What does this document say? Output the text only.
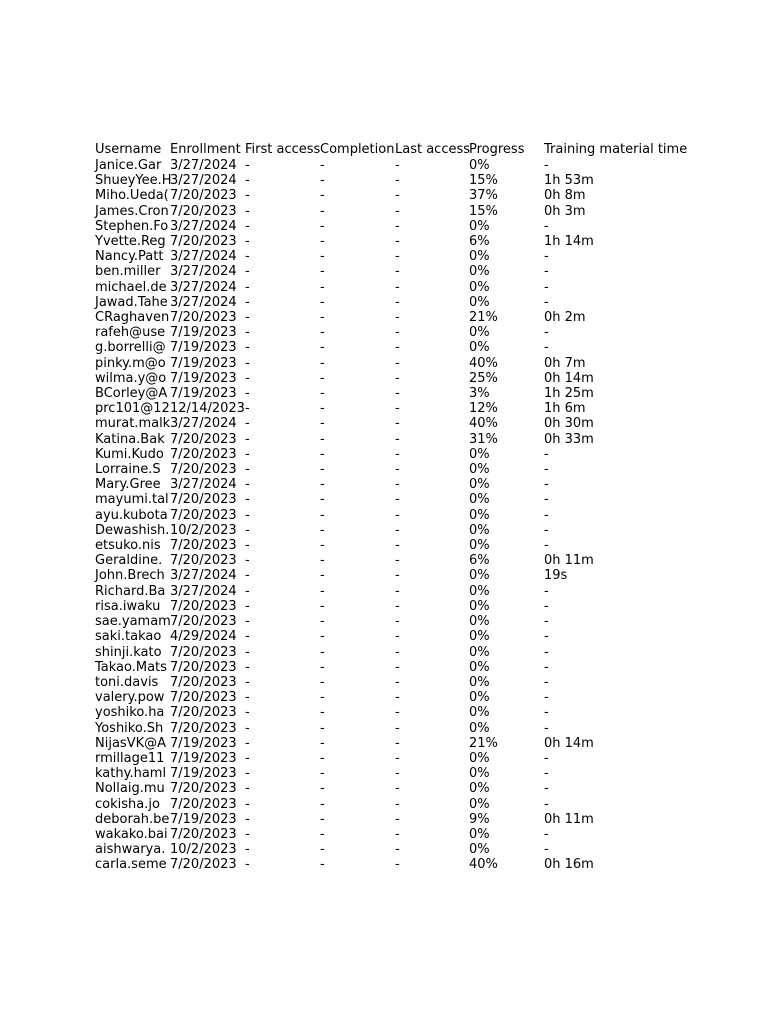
Username	Enrollment	First access	Completion	Last access	Progress	Training material time
Janice.Gar	3/27/2024	-	-	-	0%	-
ShueyYee.H	3/27/2024	-	-	-	15%	1h 53m
Miho.Ueda(	7/20/2023	-	-	-	37%	0h 8m
James.Cron	7/20/2023	-	-	-	15%	0h 3m
Stephen.Fo	3/27/2024	-	-	-	0%	-
Yvette.Reg	7/20/2023	-	-	-	6%	1h 14m
Nancy.Patt	3/27/2024	-	-	-	0%	-
ben.miller	3/27/2024	-	-	-	0%	-
michael.de	3/27/2024	-	-	-	0%	-
Jawad.Tahe	3/27/2024	-	-	-	0%	-
CRaghaven	7/20/2023	-	-	-	21%	0h 2m
rafeh@use	7/19/2023	-	-	-	0%	-
g.borrelli@	7/19/2023	-	-	-	0%	-
pinky.m@o	7/19/2023	-	-	-	40%	0h 7m
wilma.y@o	7/19/2023	-	-	-	25%	0h 14m
BCorley@A	7/19/2023	-	-	-	3%	1h 25m
prc101@12	12/14/2023	-	-	-	12%	1h 6m
murat.malk	3/27/2024	-	-	-	40%	0h 30m
Katina.Bak	7/20/2023	-	-	-	31%	0h 33m
Kumi.Kudo	7/20/2023	-	-	-	0%	-
Lorraine.S	7/20/2023	-	-	-	0%	-
Mary.Gree	3/27/2024	-	-	-	0%	-
mayumi.tal	7/20/2023	-	-	-	0%	-
ayu.kubota	7/20/2023	-	-	-	0%	-
Dewashish.	10/2/2023	-	-	-	0%	-
etsuko.nis	7/20/2023	-	-	-	0%	-
Geraldine.	7/20/2023	-	-	-	6%	0h 11m
John.Brech	3/27/2024	-	-	-	0%	19s
Richard.Ba	3/27/2024	-	-	-	0%	-
risa.iwaku	7/20/2023	-	-	-	0%	-
sae.yamam	7/20/2023	-	-	-	0%	-
saki.takao	4/29/2024	-	-	-	0%	-
shinji.kato	7/20/2023	-	-	-	0%	-
Takao.Mats	7/20/2023	-	-	-	0%	-
toni.davis	7/20/2023	-	-	-	0%	-
valery.pow	7/20/2023	-	-	-	0%	-
yoshiko.ha	7/20/2023	-	-	-	0%	-
Yoshiko.Sh	7/20/2023	-	-	-	0%	-
NijasVK@A	7/19/2023	-	-	-	21%	0h 14m
rmillage11	7/19/2023	-	-	-	0%	-
kathy.haml	7/19/2023	-	-	-	0%	-
Nollaig.mu	7/20/2023	-	-	-	0%	-
cokisha.jo	7/20/2023	-	-	-	0%	-
deborah.be	7/19/2023	-	-	-	9%	0h 11m
wakako.bai	7/20/2023	-	-	-	0%	-
aishwarya.	10/2/2023	-	-	-	0%	-
carla.seme	7/20/2023	-	-	-	40%	0h 16m
